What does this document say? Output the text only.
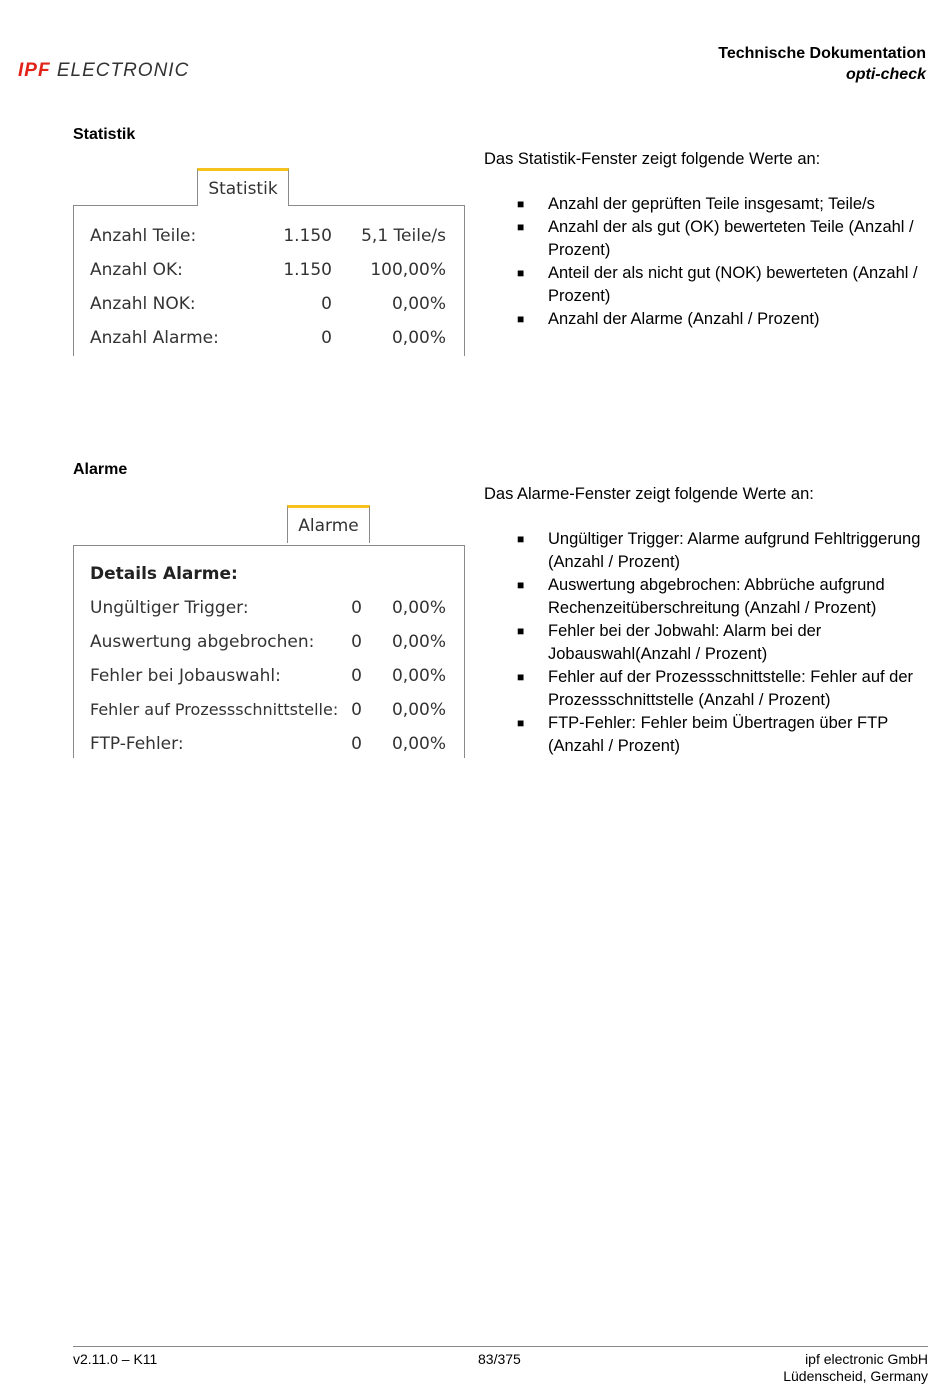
IPF ELECTRONIC
Technische Dokumentation
opti-check
Statistik
Statistik
Anzahl Teile:	1.150 5,1 Teile/s
Anzahl OK:	1.150 100,00%
Anzahl NOK:	0	0,00%
Anzahl Alarme:	0	0,00%

Das Statistik-Fenster zeigt folgende Werte an:

■ Anzahl der geprüften Teile insgesamt; Teile/s
■ Anzahl der als gut (OK) bewerteten Teile (Anzahl / Prozent)
■ Anteil der als nicht gut (NOK) bewerteten (Anzahl / Prozent)
■ Anzahl der Alarme (Anzahl / Prozent)
Alarme
Alarme
Details Alarme:
Ungültiger Trigger:	0 0,00%
Auswertung abgebrochen: 0 0,00%
Fehler bei Jobauswahl:	0 0,00%
Fehler auf Prozessschnittstelle: 0 0,00%
FTP-Fehler:	0 0,00%

Das Alarme-Fenster zeigt folgende Werte an:

■ Ungültiger Trigger: Alarme aufgrund Fehltriggerung (Anzahl / Prozent)
■ Auswertung abgebrochen: Abbrüche aufgrund Rechenzeitüberschreitung (Anzahl / Prozent)
■ Fehler bei der Jobwahl: Alarm bei der Jobauswahl(Anzahl / Prozent)
■ Fehler auf der Prozessschnittstelle: Fehler auf der Prozessschnittstelle (Anzahl / Prozent)
■ FTP-Fehler: Fehler beim Übertragen über FTP (Anzahl / Prozent)
v2.11.0 – K11	83/375	ipf electronic GmbH
Lüdenscheid, Germany
